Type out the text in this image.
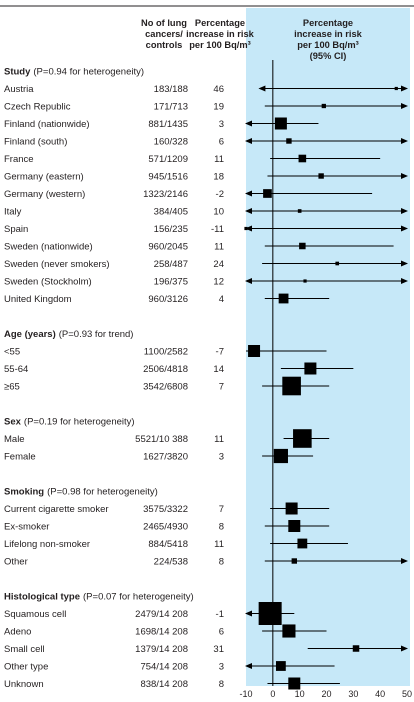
No of lung
cancers/
controls
Percentage
increase in risk
per 100 Bq/m³
Percentage
increase in risk
per 100 Bq/m³
(95% CI)
Study (P=0.94 for heterogeneity)
Austria	183/188	46
Czech Republic	171/713	19
Finland (nationwide)	881/1435	3
Finland (south)	160/328	6
France	571/1209	11
Germany (eastern)	945/1516	18
Germany (western)	1323/2146	-2
Italy	384/405	10
Spain	156/235 -11
Sweden (nationwide)	960/2045	11
Sweden (never smokers)	258/487	24
Sweden (Stockholm)	196/375	12
United Kingdom	960/3126	4
Age (years) (P=0.93 for trend)
<55	1100/2582	-7
55-64	2506/4818	14
≥65	3542/6808	7
Sex (P=0.19 for heterogeneity)
Male	5521/10 388	11
Female	1627/3820	3
Smoking (P=0.98 for heterogeneity)
Current cigarette smoker	3575/3322	7
Ex-smoker	2465/4930	8
Lifelong non-smoker	884/5418	11
Other	224/538	8
Histological type (P=0.07 for heterogeneity)
Squamous cell	2479/14 208	-1
Adeno	1698/14 208	6
Small cell	1379/14 208	31
Other type	754/14 208	3
Unknown	838/14 208	8
-10 0 10 20 30 40 50
